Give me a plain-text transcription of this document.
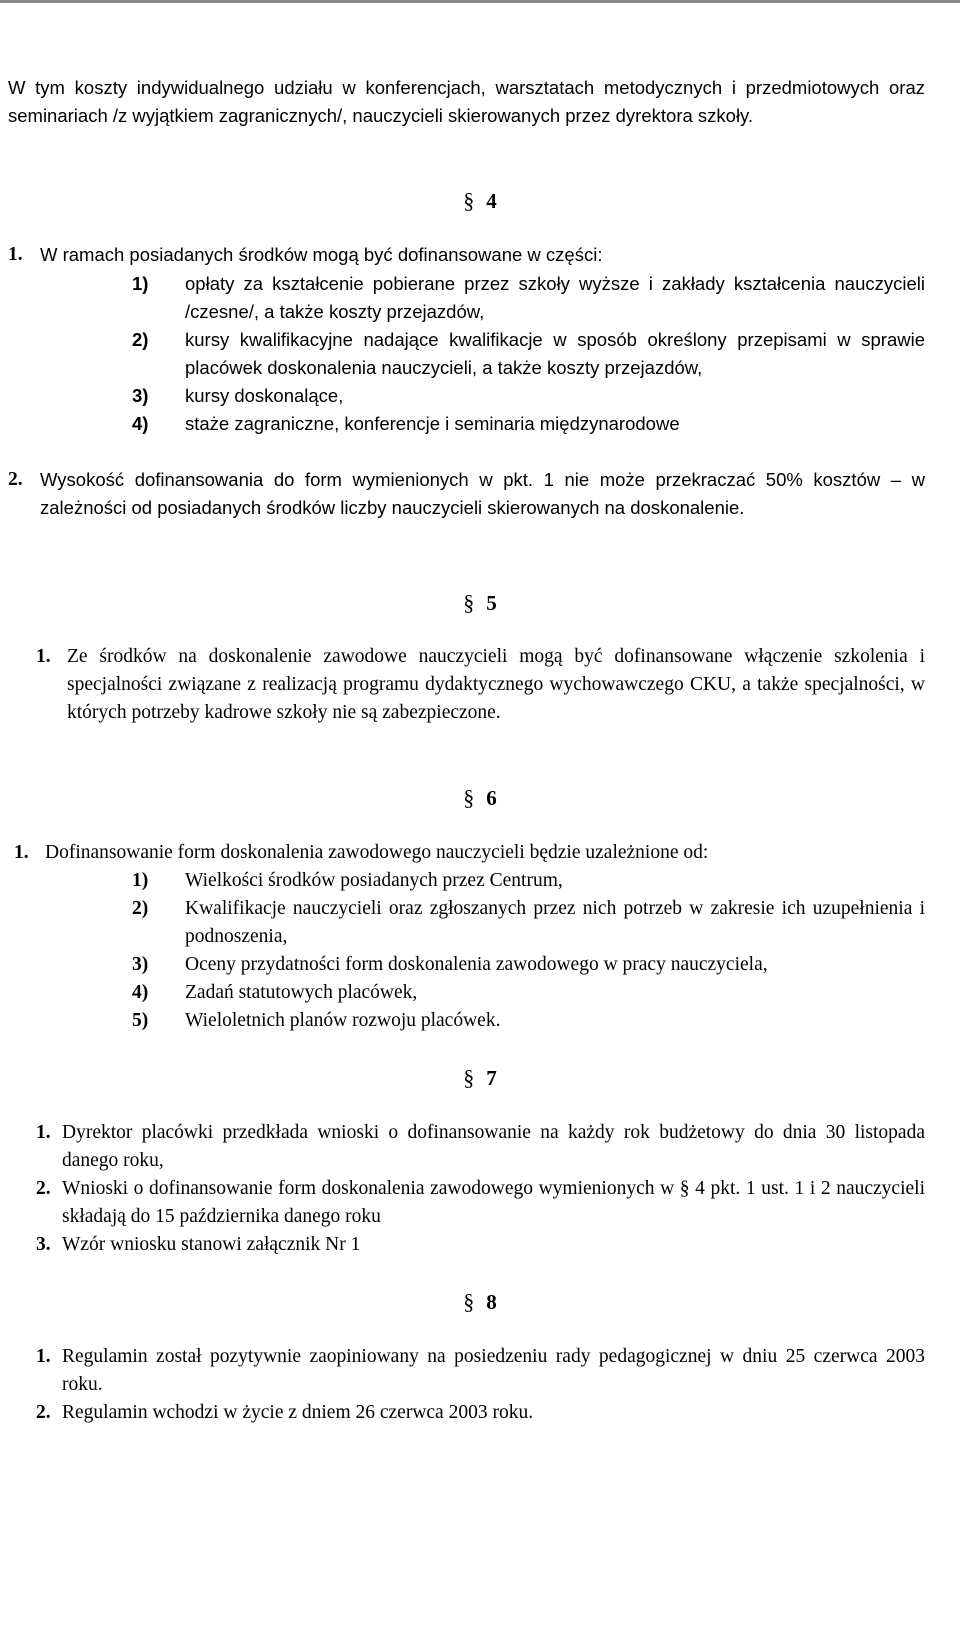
W tym koszty indywidualnego udziału w konferencjach, warsztatach metodycznych i przedmiotowych oraz seminariach /z wyjątkiem zagranicznych/, nauczycieli skierowanych przez dyrektora szkoły.

§ 4
1. W ramach posiadanych środków mogą być dofinansowane w części:
1)	opłaty za kształcenie pobierane przez szkoły wyższe i zakłady kształcenia nauczycieli /czesne/, a także koszty przejazdów,
2)	kursy kwalifikacyjne nadające kwalifikacje w sposób określony przepisami w sprawie placówek doskonalenia nauczycieli, a także koszty przejazdów,
3)	kursy doskonalące,
4)	staże zagraniczne, konferencje i seminaria międzynarodowe
2. Wysokość dofinansowania do form wymienionych w pkt. 1 nie może przekraczać 50% kosztów – w zależności od posiadanych środków liczby nauczycieli skierowanych na doskonalenie.
§ 5
1. Ze środków na doskonalenie zawodowe nauczycieli mogą być dofinansowane włączenie szkolenia i specjalności związane z realizacją programu dydaktycznego wychowawczego CKU, a także specjalności, w których potrzeby kadrowe szkoły nie są zabezpieczone.
§ 6
1. Dofinansowanie form doskonalenia zawodowego nauczycieli będzie uzależnione od:
1)	Wielkości środków posiadanych przez Centrum,
2)	Kwalifikacje nauczycieli oraz zgłoszanych przez nich potrzeb w zakresie ich uzupełnienia i podnoszenia,
3)	Oceny przydatności form doskonalenia zawodowego w pracy nauczyciela,
4)	Zadań statutowych placówek,
5)	Wieloletnich planów rozwoju placówek.
§ 7
1. Dyrektor placówki przedkłada wnioski o dofinansowanie na każdy rok budżetowy do dnia 30 listopada danego roku,
2. Wnioski o dofinansowanie form doskonalenia zawodowego wymienionych w § 4 pkt. 1 ust. 1 i 2 nauczycieli składają do 15 października danego roku
3. Wzór wniosku stanowi załącznik Nr 1
§ 8
1. Regulamin został pozytywnie zaopiniowany na posiedzeniu rady pedagogicznej w dniu 25 czerwca 2003 roku.
2. Regulamin wchodzi w życie z dniem 26 czerwca 2003 roku.
